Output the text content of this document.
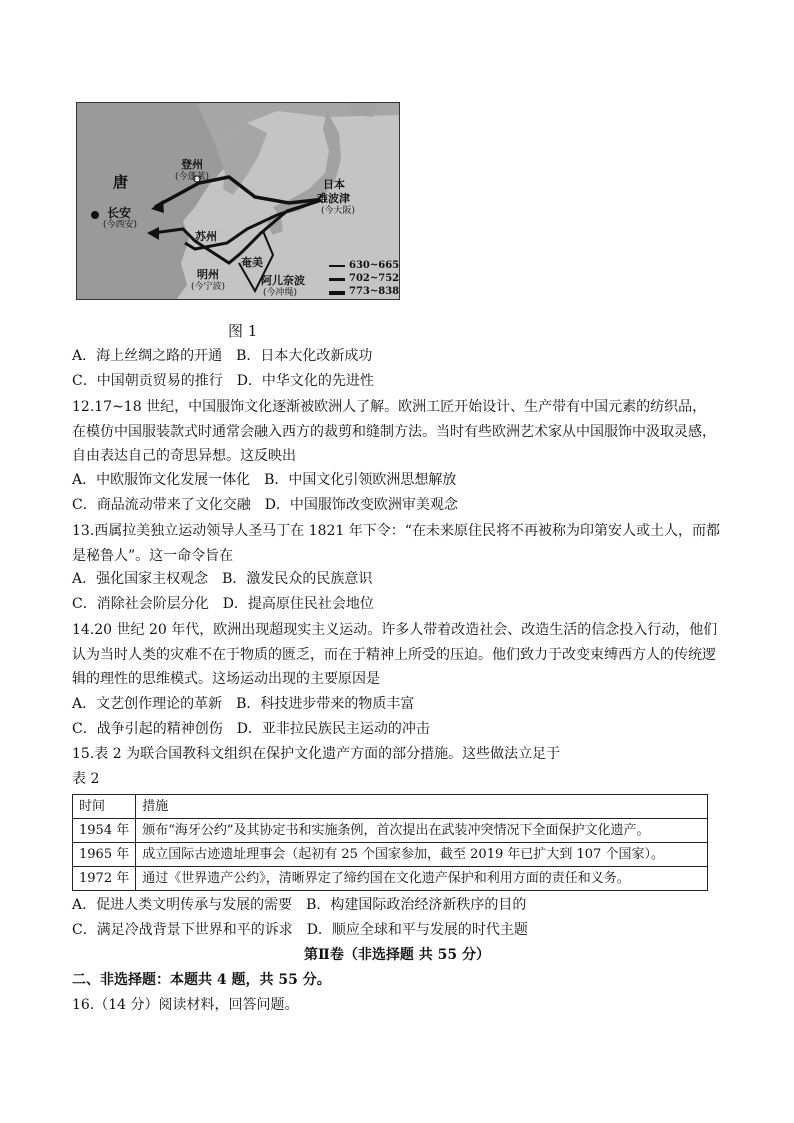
唐
长安
(今西安)
登州
(今蓬莱)
苏州
明州
(今宁波)
奄美
阿儿奈波
(今冲绳)
日本
难波津
(今大阪)
630~665
702~752
773~838
图 1
A．海上丝绸之路的开通　B．日本大化改新成功
C．中国朝贡贸易的推行　D．中华文化的先进性
12.17~18 世纪，中国服饰文化逐渐被欧洲人了解。欧洲工匠开始设计、生产带有中国元素的纺织品，在模仿中国服装款式时通常会融入西方的裁剪和缝制方法。当时有些欧洲艺术家从中国服饰中汲取灵感，自由表达自己的奇思异想。这反映出
A．中欧服饰文化发展一体化　B．中国文化引领欧洲思想解放
C．商品流动带来了文化交融　D．中国服饰改变欧洲审美观念
13.西属拉美独立运动领导人圣马丁在 1821 年下令：“在未来原住民将不再被称为印第安人或土人，而都是秘鲁人”。这一命令旨在
A．强化国家主权观念　B．激发民众的民族意识
C．消除社会阶层分化　D．提高原住民社会地位
14.20 世纪 20 年代，欧洲出现超现实主义运动。许多人带着改造社会、改造生活的信念投入行动，他们认为当时人类的灾难不在于物质的匮乏，而在于精神上所受的压迫。他们致力于改变束缚西方人的传统逻辑的理性的思维模式。这场运动出现的主要原因是
A．文艺创作理论的革新　B．科技进步带来的物质丰富
C．战争引起的精神创伤　D．亚非拉民族民主运动的冲击
15.表 2 为联合国教科文组织在保护文化遗产方面的部分措施。这些做法立足于
表 2
时间	措施
1954 年	颁布“海牙公约”及其协定书和实施条例，首次提出在武装冲突情况下全面保护文化遗产。
1965 年	成立国际古迹遗址理事会（起初有 25 个国家参加，截至 2019 年已扩大到 107 个国家）。
1972 年	通过《世界遗产公约》，清晰界定了缔约国在文化遗产保护和利用方面的责任和义务。
A．促进人类文明传承与发展的需要　B．构建国际政治经济新秩序的目的
C．满足冷战背景下世界和平的诉求　D．顺应全球和平与发展的时代主题
第Ⅱ卷（非选择题 共 55 分）
二、非选择题：本题共 4 题，共 55 分。
16.（14 分）阅读材料，回答问题。
